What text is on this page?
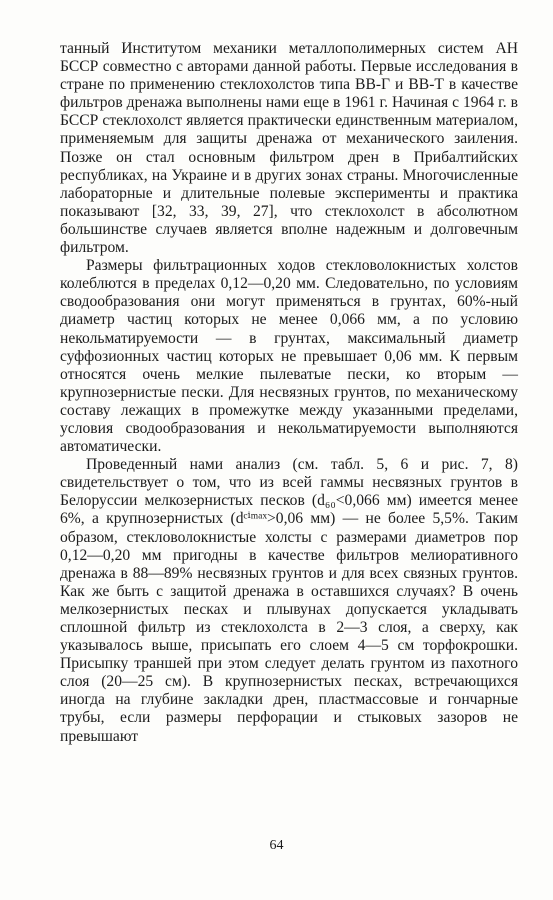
танный Институтом механики металлополимерных систем АН БССР совместно с авторами данной работы. Первые исследования в стране по применению стеклохолстов типа ВВ-Г и ВВ-Т в качестве фильтров дренажа выполнены нами еще в 1961 г. Начиная с 1964 г. в БССР стеклохолст является практически единственным материалом, применяемым для защиты дренажа от механического заиления. Позже он стал основным фильтром дрен в Прибалтийских республиках, на Украине и в других зонах страны. Многочисленные лабораторные и длительные полевые эксперименты и практика показывают [32, 33, 39, 27], что стеклохолст в абсолютном большинстве случаев является вполне надежным и долговечным фильтром.

Размеры фильтрационных ходов стекловолокнистых холстов колеблются в пределах 0,12—0,20 мм. Следовательно, по условиям сводообразования они могут применяться в грунтах, 60%-ный диаметр частиц которых не менее 0,066 мм, а по условию некольматируемости — в грунтах, максимальный диаметр суффозионных частиц которых не превышает 0,06 мм. К первым относятся очень мелкие пылеватые пески, ко вторым — крупнозернистые пески. Для несвязных грунтов, по механическому составу лежащих в промежутке между указанными пределами, условия сводообразования и некольматируемости выполняются автоматически.

Проведенный нами анализ (см. табл. 5, 6 и рис. 7, 8) свидетельствует о том, что из всей гаммы несвязных грунтов в Белоруссии мелкозернистых песков (d₆₀<0,066 мм) имеется менее 6%, а крупнозернистых (dᶜⁱᵐᵃˣ>0,06 мм) — не более 5,5%. Таким образом, стекловолокнистые холсты с размерами диаметров пор 0,12—0,20 мм пригодны в качестве фильтров мелиоративного дренажа в 88—89% несвязных грунтов и для всех связных грунтов. Как же быть с защитой дренажа в оставшихся случаях? В очень мелкозернистых песках и плывунах допускается укладывать сплошной фильтр из стеклохолста в 2—3 слоя, а сверху, как указывалось выше, присыпать его слоем 4—5 см торфокрошки. Присыпку траншей при этом следует делать грунтом из пахотного слоя (20—25 см). В крупнозернистых песках, встречающихся иногда на глубине закладки дрен, пластмассовые и гончарные трубы, если размеры перфорации и стыковых зазоров не превышают

64
